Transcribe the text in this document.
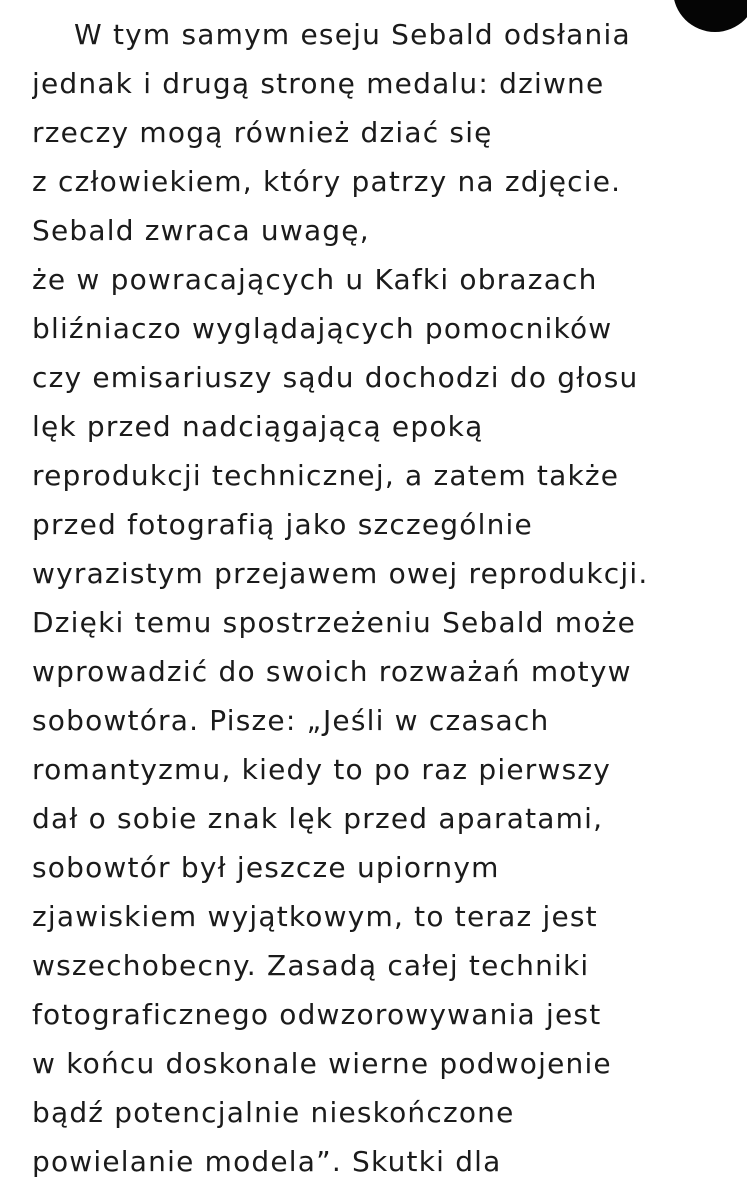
W tym samym eseju Sebald odsłania
jednak i drugą stronę medalu: dziwne
rzeczy mogą również dziać się
z człowiekiem, który patrzy na zdjęcie.
Sebald zwraca uwagę,
że w powracających u Kafki obrazach
bliźniaczo wyglądających pomocników
czy emisariuszy sądu dochodzi do głosu
lęk przed nadciągającą epoką
reprodukcji technicznej, a zatem także
przed fotografią jako szczególnie
wyrazistym przejawem owej reprodukcji.
Dzięki temu spostrzeżeniu Sebald może
wprowadzić do swoich rozważań motyw
sobowtóra. Pisze: „Jeśli w czasach
romantyzmu, kiedy to po raz pierwszy
dał o sobie znak lęk przed aparatami,
sobowtór był jeszcze upiornym
zjawiskiem wyjątkowym, to teraz jest
wszechobecny. Zasadą całej techniki
fotograficznego odwzorowywania jest
w końcu doskonale wierne podwojenie
bądź potencjalnie nieskończone
powielanie modela”. Skutki dla
